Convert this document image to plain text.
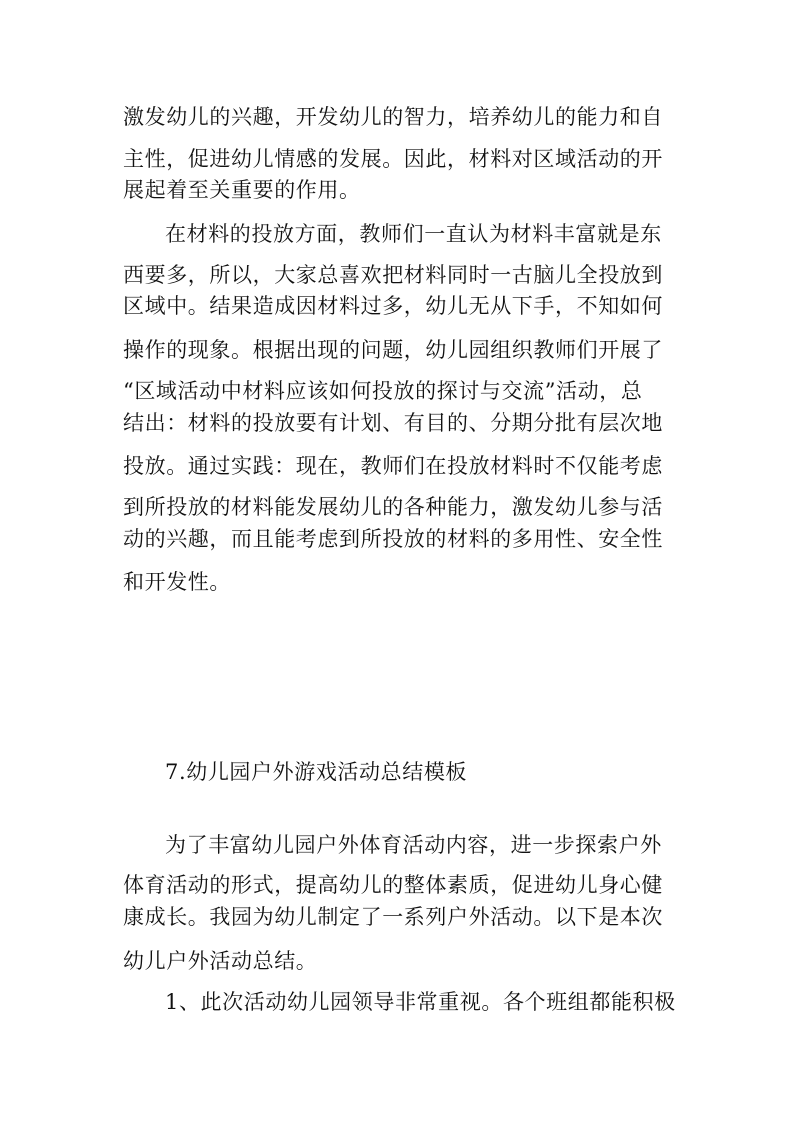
激发幼儿的兴趣，开发幼儿的智力，培养幼儿的能力和自
主性，促进幼儿情感的发展。因此，材料对区域活动的开
展起着至关重要的作用。
在材料的投放方面，教师们一直认为材料丰富就是东
西要多，所以，大家总喜欢把材料同时一古脑儿全投放到
区域中。结果造成因材料过多，幼儿无从下手，不知如何
操作的现象。根据出现的问题，幼儿园组织教师们开展了
“区域活动中材料应该如何投放的探讨与交流”活动，总
结出：材料的投放要有计划、有目的、分期分批有层次地
投放。通过实践：现在，教师们在投放材料时不仅能考虑
到所投放的材料能发展幼儿的各种能力，激发幼儿参与活
动的兴趣，而且能考虑到所投放的材料的多用性、安全性
和开发性。
7.幼儿园户外游戏活动总结模板
为了丰富幼儿园户外体育活动内容，进一步探索户外
体育活动的形式，提高幼儿的整体素质，促进幼儿身心健
康成长。我园为幼儿制定了一系列户外活动。以下是本次
幼儿户外活动总结。
1、此次活动幼儿园领导非常重视。各个班组都能积极
